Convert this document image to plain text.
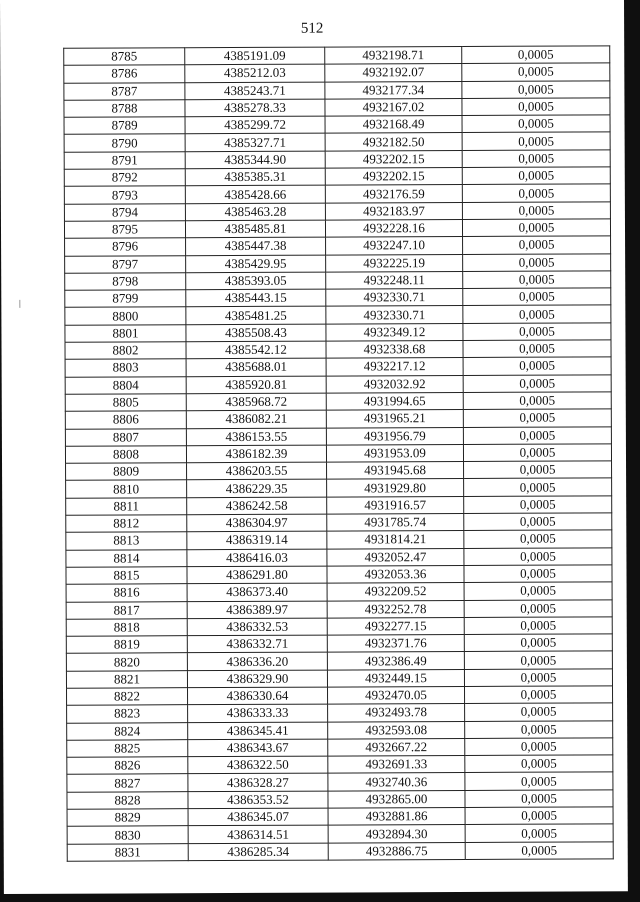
512
8785	4385191.09	4932198.71	0,0005
8786	4385212.03	4932192.07	0,0005
8787	4385243.71	4932177.34	0,0005
8788	4385278.33	4932167.02	0,0005
8789	4385299.72	4932168.49	0,0005
8790	4385327.71	4932182.50	0,0005
8791	4385344.90	4932202.15	0,0005
8792	4385385.31	4932202.15	0,0005
8793	4385428.66	4932176.59	0,0005
8794	4385463.28	4932183.97	0,0005
8795	4385485.81	4932228.16	0,0005
8796	4385447.38	4932247.10	0,0005
8797	4385429.95	4932225.19	0,0005
8798	4385393.05	4932248.11	0,0005
8799	4385443.15	4932330.71	0,0005
8800	4385481.25	4932330.71	0,0005
8801	4385508.43	4932349.12	0,0005
8802	4385542.12	4932338.68	0,0005
8803	4385688.01	4932217.12	0,0005
8804	4385920.81	4932032.92	0,0005
8805	4385968.72	4931994.65	0,0005
8806	4386082.21	4931965.21	0,0005
8807	4386153.55	4931956.79	0,0005
8808	4386182.39	4931953.09	0,0005
8809	4386203.55	4931945.68	0,0005
8810	4386229.35	4931929.80	0,0005
8811	4386242.58	4931916.57	0,0005
8812	4386304.97	4931785.74	0,0005
8813	4386319.14	4931814.21	0,0005
8814	4386416.03	4932052.47	0,0005
8815	4386291.80	4932053.36	0,0005
8816	4386373.40	4932209.52	0,0005
8817	4386389.97	4932252.78	0,0005
8818	4386332.53	4932277.15	0,0005
8819	4386332.71	4932371.76	0,0005
8820	4386336.20	4932386.49	0,0005
8821	4386329.90	4932449.15	0,0005
8822	4386330.64	4932470.05	0,0005
8823	4386333.33	4932493.78	0,0005
8824	4386345.41	4932593.08	0,0005
8825	4386343.67	4932667.22	0,0005
8826	4386322.50	4932691.33	0,0005
8827	4386328.27	4932740.36	0,0005
8828	4386353.52	4932865.00	0,0005
8829	4386345.07	4932881.86	0,0005
8830	4386314.51	4932894.30	0,0005
8831	4386285.34	4932886.75	0,0005
